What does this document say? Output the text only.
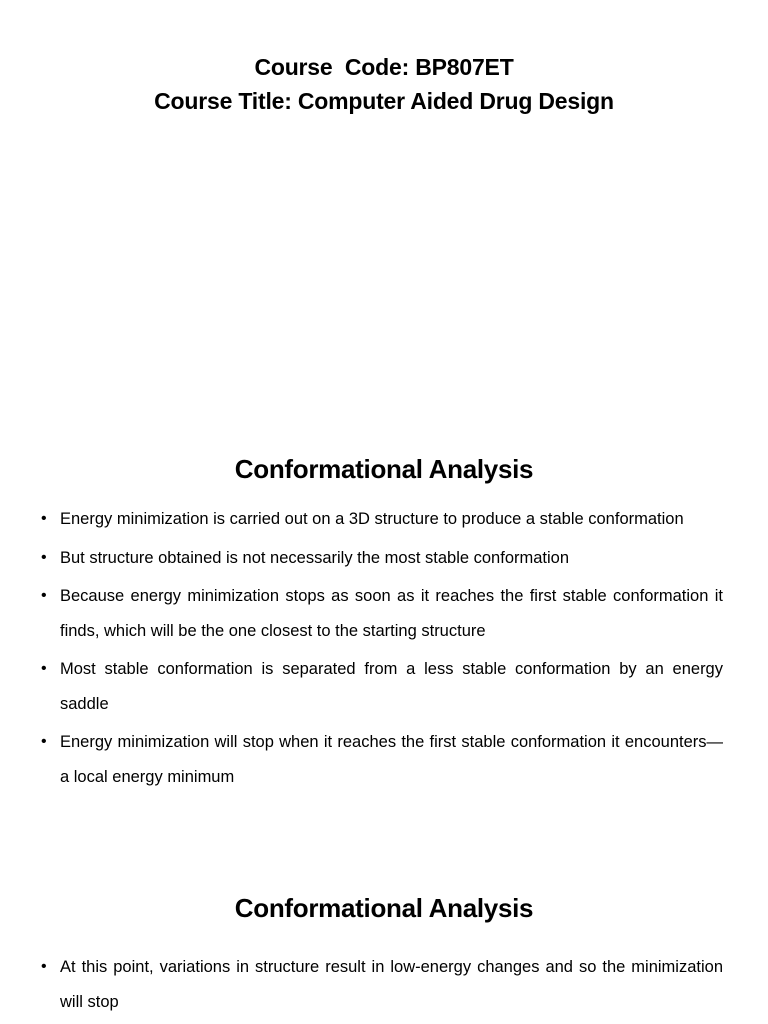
Course  Code: BP807ET
Course Title: Computer Aided Drug Design
Conformational Analysis
• Energy minimization is carried out on a 3D structure to produce a stable conformation
• But structure obtained is not necessarily the most stable conformation
• Because energy minimization stops as soon as it reaches the first stable conformation it finds, which will be the one closest to the starting structure
• Most stable conformation is separated from a less stable conformation by an energy saddle
• Energy minimization will stop when it reaches the first stable conformation it encounters—a local energy minimum
Conformational Analysis
• At this point, variations in structure result in low-energy changes and so the minimization will stop
